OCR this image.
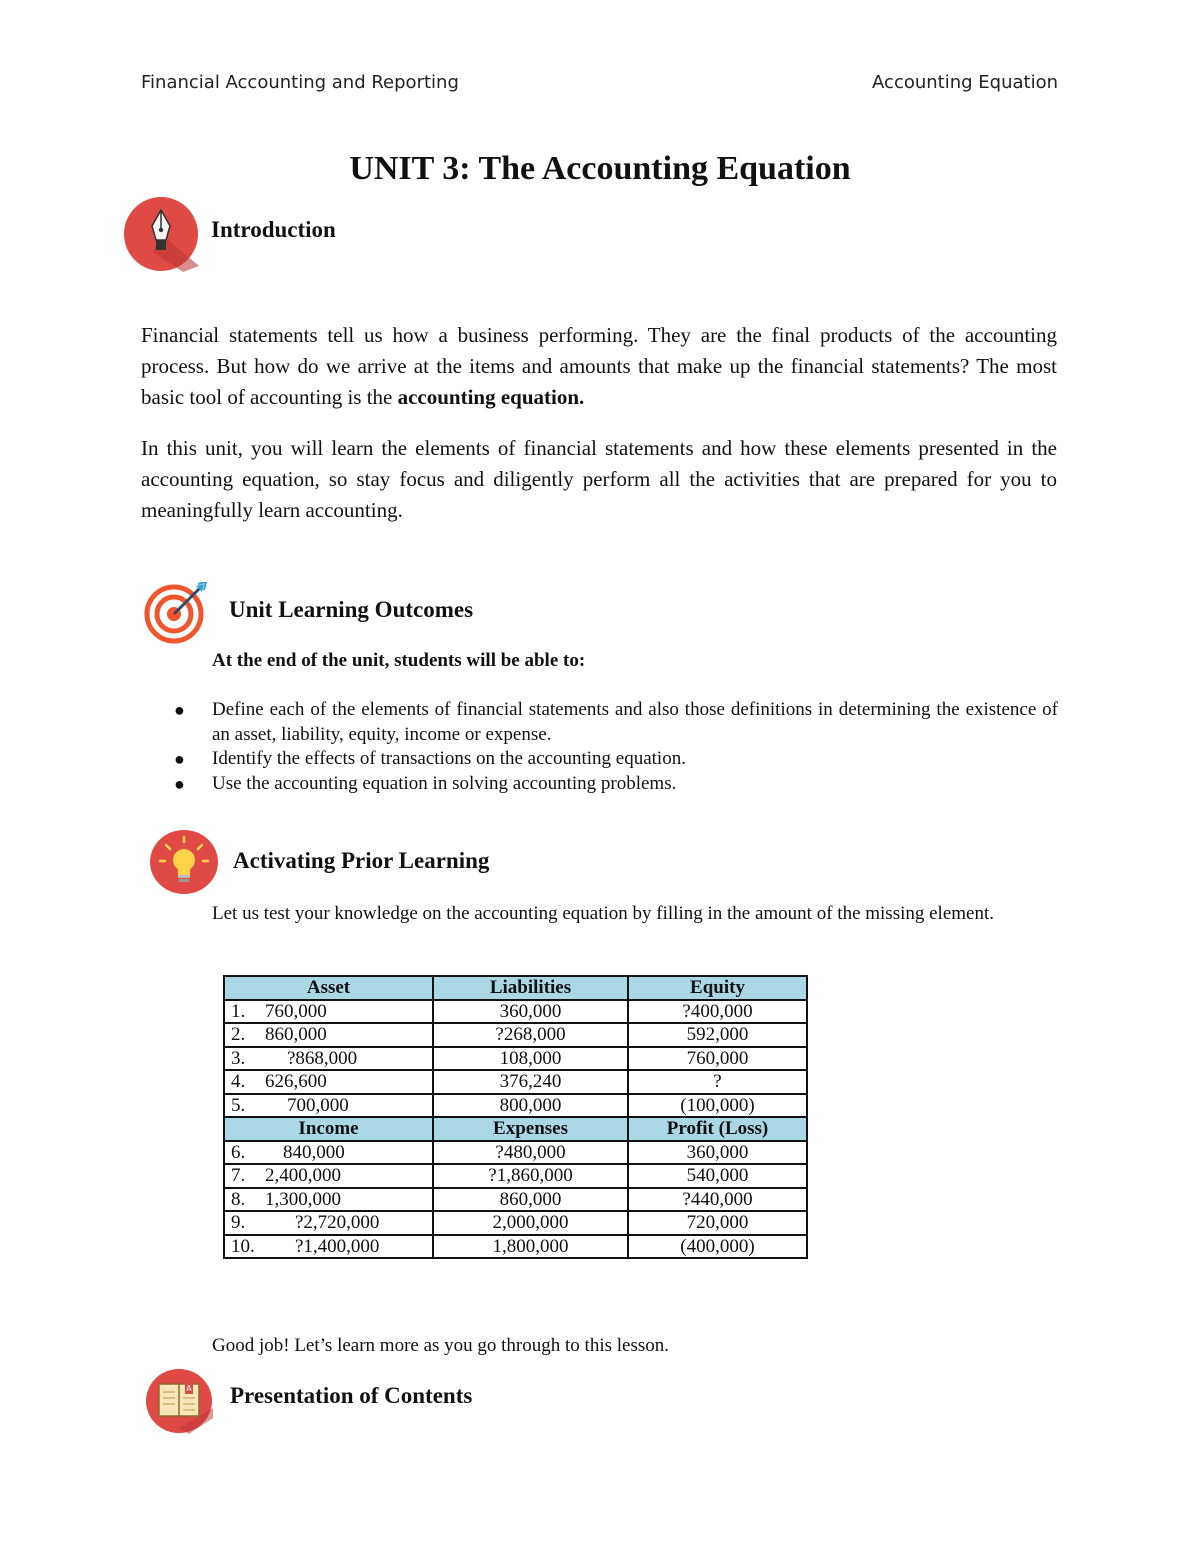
Financial Accounting and Reporting	Accounting Equation
UNIT 3: The Accounting Equation
Introduction

Financial statements tell us how a business performing. They are the final products of the accounting process. But how do we arrive at the items and amounts that make up the financial statements? The most basic tool of accounting is the accounting equation.

In this unit, you will learn the elements of financial statements and how these elements presented in the accounting equation, so stay focus and diligently perform all the activities that are prepared for you to meaningfully learn accounting.

Unit Learning Outcomes
At the end of the unit, students will be able to:
● Define each of the elements of financial statements and also those definitions in determining the existence of an asset, liability, equity, income or expense.
● Identify the effects of transactions on the accounting equation.
● Use the accounting equation in solving accounting problems.
Activating Prior Learning

Let us test your knowledge on the accounting equation by filling in the amount of the missing element.

Asset	Liabilities	Equity
1. 760,000	360,000	?400,000
2. 860,000	?268,000	592,000
3. ?868,000	108,000	760,000
4. 626,600	376,240	?
5. 700,000	800,000	(100,000)
Income	Expenses	Profit (Loss)
6. 840,000	?480,000	360,000
7. 2,400,000	?1,860,000	540,000
8. 1,300,000	860,000	?440,000
9. ?2,720,000	2,000,000	720,000
10. ?1,400,000	1,800,000	(400,000)
Good job! Let’s learn more as you go through to this lesson.
A Presentation of Contents
